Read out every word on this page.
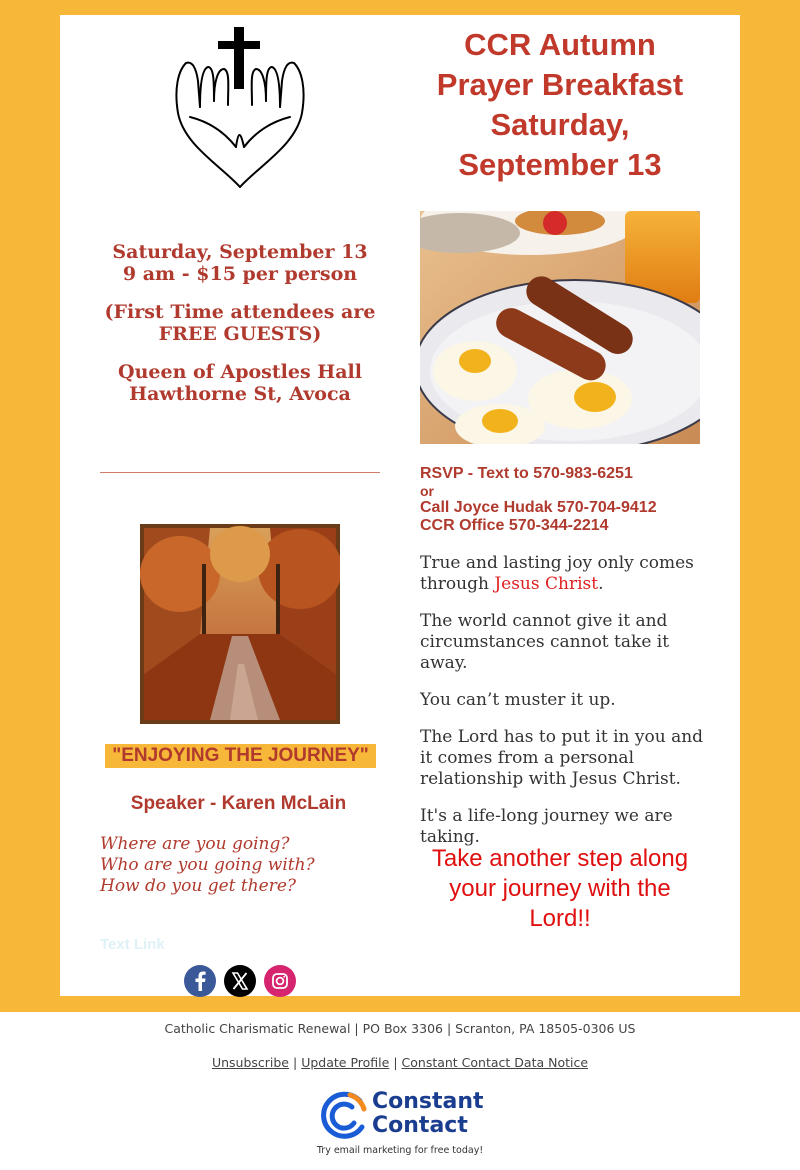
CCR Autumn
Prayer Breakfast
Saturday,
September 13

Saturday, September 13
9 am - $15 per person

(First Time attendees are FREE GUESTS)

Queen of Apostles Hall
Hawthorne St, Avoca

RSVP - Text to 570-983-6251
or
Call Joyce Hudak 570-704-9412
CCR Office 570-344-2214

True and lasting joy only comes through Jesus Christ.

The world cannot give it and circumstances cannot take it away.

You can’t muster it up.

The Lord has to put it in you and it comes from a personal relationship with Jesus Christ.

It's a life-long journey we are taking.

Take another step along your journey with the Lord!!
"ENJOYING THE JOURNEY"
Speaker - Karen McLain
Where are you going?
Who are you going with?
How do you get there?
Text Link
Catholic Charismatic Renewal | PO Box 3306 | Scranton, PA 18505-0306 US
Unsubscribe | Update Profile | Constant Contact Data Notice
Constant
Contact
Try email marketing for free today!
